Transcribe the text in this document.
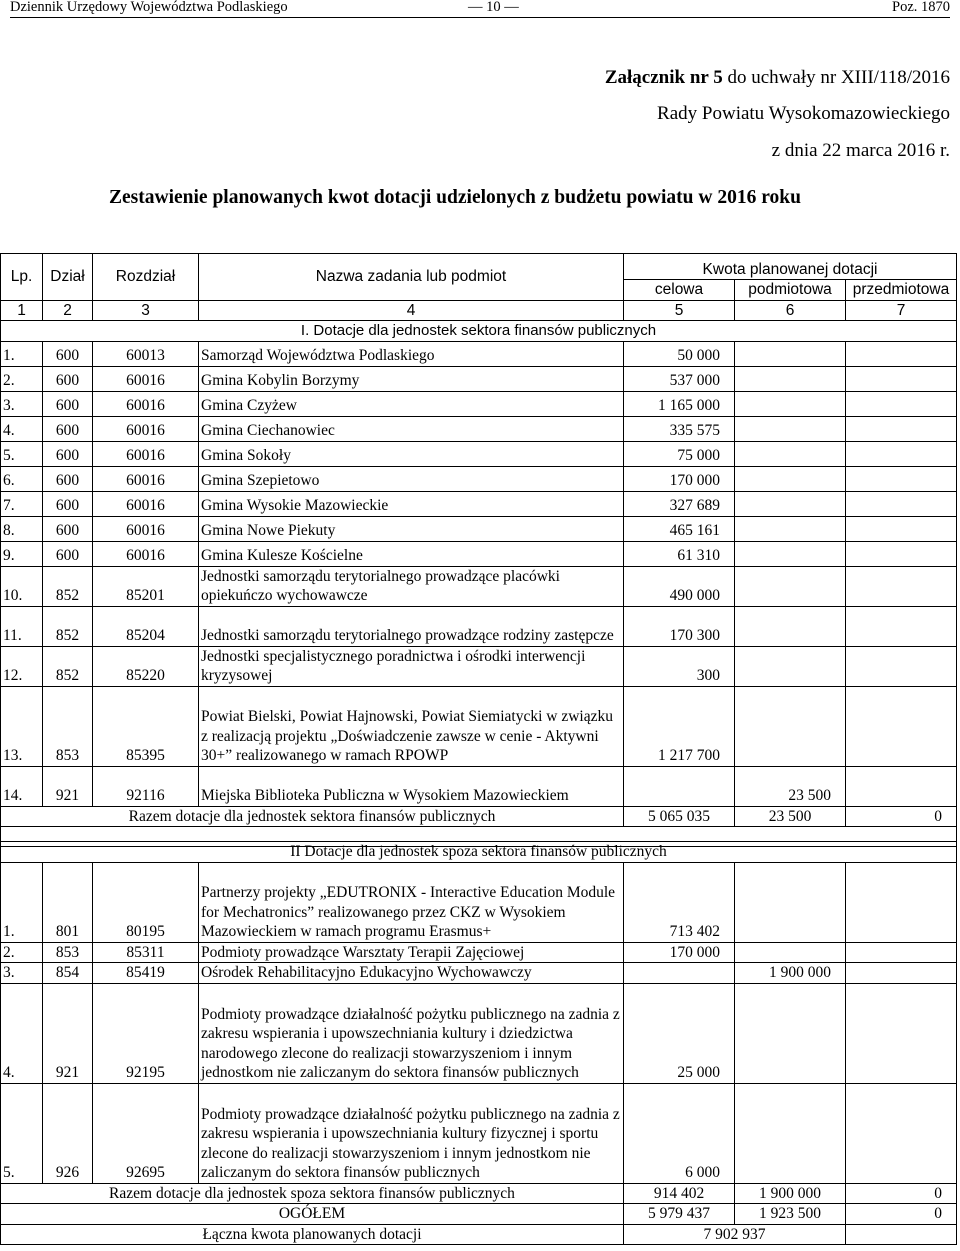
Dziennik Urzędowy Województwa Podlaskiego	— 10 —	Poz. 1870
Załącznik nr 5 do uchwały nr XIII/118/2016
Rady Powiatu Wysokomazowieckiego
z dnia 22 marca 2016 r.
Zestawienie planowanych kwot dotacji udzielonych z budżetu powiatu w 2016 roku
Lp.	Dział	Rozdział	Nazwa zadania lub podmiot	Kwota planowanej dotacji		
				celowa	podmiotowa	przedmiotowa
1	2	3	4	5	6	7
I. Dotacje dla jednostek sektora finansów publicznych						
1.	600	60013	Samorząd Województwa Podlaskiego	50 000		
2.	600	60016	Gmina Kobylin Borzymy	537 000		
3.	600	60016	Gmina Czyżew	1 165 000		
4.	600	60016	Gmina Ciechanowiec	335 575		
5.	600	60016	Gmina Sokoły	75 000		
6.	600	60016	Gmina Szepietowo	170 000		
7.	600	60016	Gmina Wysokie Mazowieckie	327 689		
8.	600	60016	Gmina Nowe Piekuty	465 161		
9.	600	60016	Gmina Kulesze Kościelne	61 310		
10.	852	85201	Jednostki samorządu terytorialnego prowadzące placówki opiekuńczo wychowawcze	490 000		
11.	852	85204	Jednostki samorządu terytorialnego prowadzące rodziny zastępcze	170 300		
12.	852	85220	Jednostki specjalistycznego poradnictwa i ośrodki interwencji kryzysowej	300		
13.	853	85395	Powiat Bielski, Powiat Hajnowski, Powiat Siemiatycki w związku z realizacją projektu „Doświadczenie zawsze w cenie - Aktywni 30+” realizowanego w ramach RPOWP	1 217 700		
14.	921	92116	Miejska Biblioteka Publiczna w Wysokiem Mazowieckiem		23 500	
Razem dotacje dla jednostek sektora finansów publicznych				5 065 035	23 500	0

II Dotacje dla jednostek spoza sektora finansów publicznych						
1.	801	80195	Partnerzy projekty „EDUTRONIX - Interactive Education Module for Mechatronics” realizowanego przez CKZ w Wysokiem Mazowieckiem w ramach programu Erasmus+	713 402		
2.	853	85311	Podmioty prowadzące Warsztaty Terapii Zajęciowej	170 000		
3.	854	85419	Ośrodek Rehabilitacyjno Edukacyjno Wychowawczy		1 900 000	
4.	921	92195	Podmioty prowadzące działalność pożytku publicznego na zadnia z zakresu wspierania i upowszechniania kultury i dziedzictwa narodowego zlecone do realizacji stowarzyszeniom i innym jednostkom nie zaliczanym do sektora finansów publicznych	25 000		
5.	926	92695	Podmioty prowadzące działalność pożytku publicznego na zadnia z zakresu wspierania i upowszechniania kultury fizycznej i sportu zlecone do realizacji stowarzyszeniom i innym jednostkom nie zaliczanym do sektora finansów publicznych	6 000		
Razem dotacje dla jednostek spoza sektora finansów publicznych				914 402	1 900 000	0
OGÓŁEM				5 979 437	1 923 500	0
Łączna kwota planowanych dotacji				7 902 937		
